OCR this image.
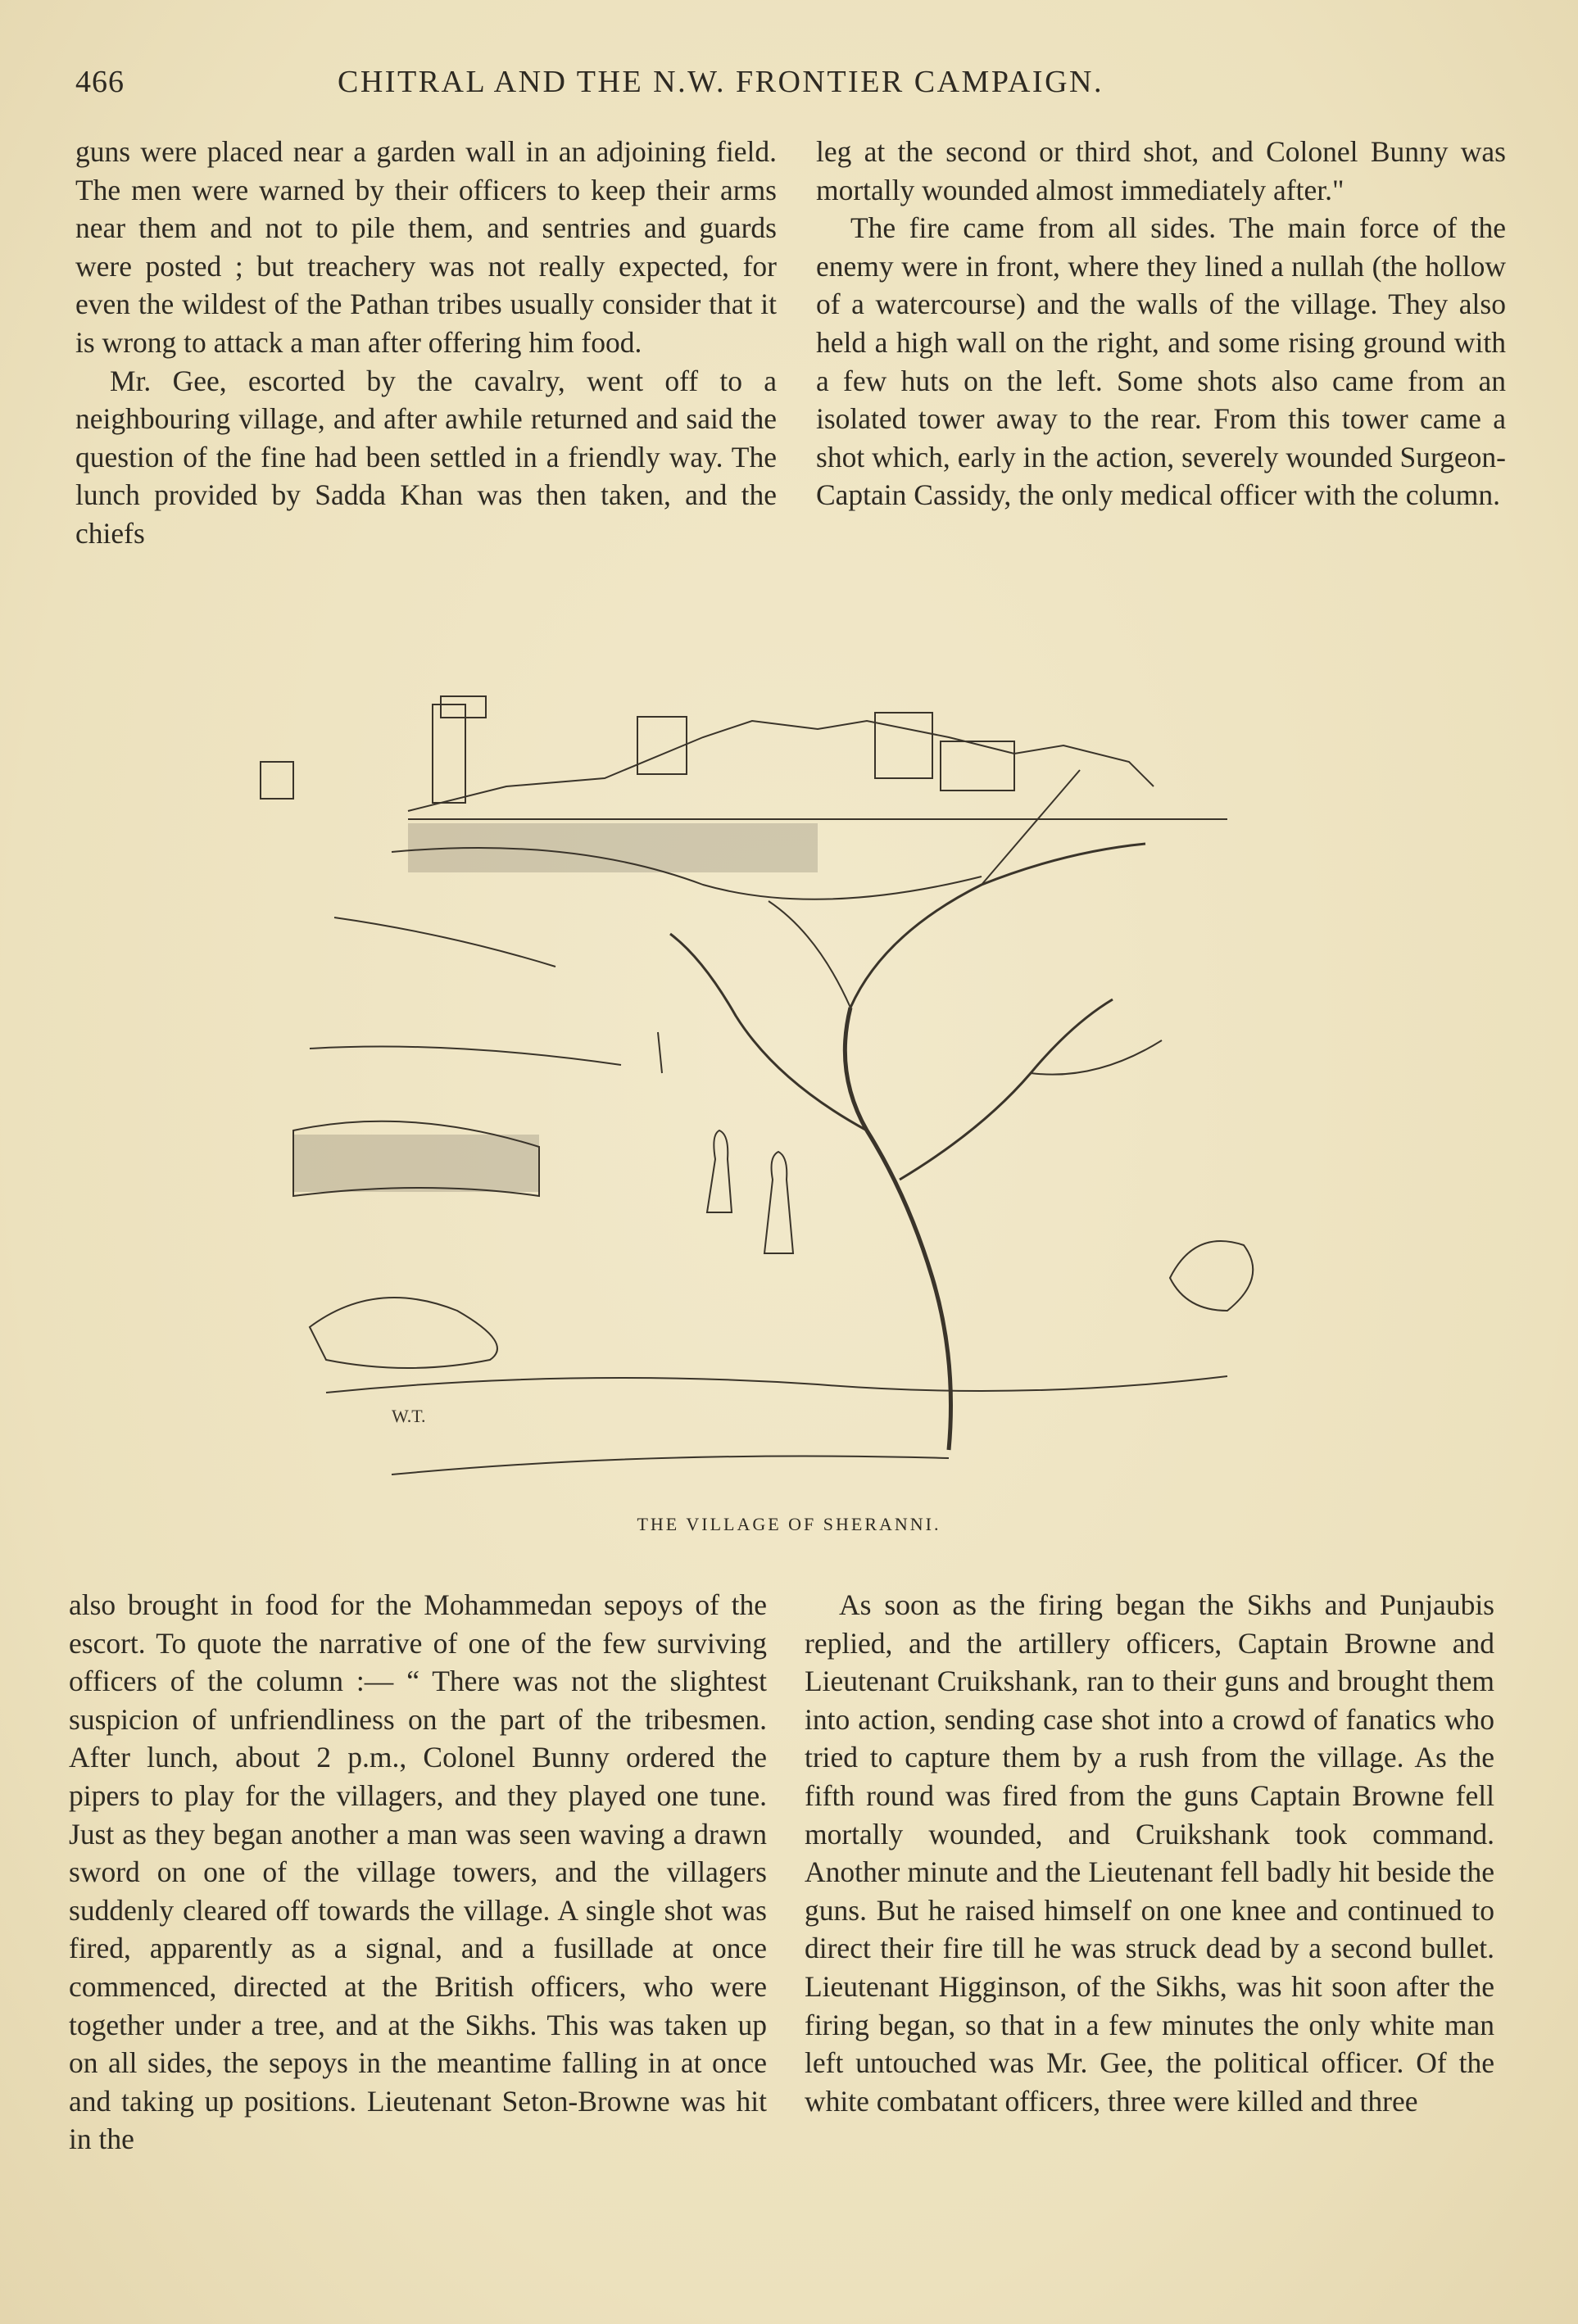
466	CHITRAL AND THE N.W. FRONTIER CAMPAIGN.

guns were placed near a garden wall in an adjoining field. The men were warned by their officers to keep their arms near them and not to pile them, and sentries and guards were posted ; but treachery was not really expected, for even the wildest of the Pathan tribes usually consider that it is wrong to attack a man after offering him food.

Mr. Gee, escorted by the cavalry, went off to a neighbouring village, and after awhile returned and said the question of the fine had been settled in a friendly way. The lunch provided by Sadda Khan was then taken, and the chiefs

leg at the second or third shot, and Colonel Bunny was mortally wounded almost immediately after."

The fire came from all sides. The main force of the enemy were in front, where they lined a nullah (the hollow of a watercourse) and the walls of the village. They also held a high wall on the right, and some rising ground with a few huts on the left. Some shots also came from an isolated tower away to the rear. From this tower came a shot which, early in the action, severely wounded Surgeon-Captain Cassidy, the only medical officer with the column.

W.T.
THE VILLAGE OF SHERANNI.

also brought in food for the Mohammedan sepoys of the escort. To quote the narrative of one of the few surviving officers of the column :— “ There was not the slightest suspicion of unfriendliness on the part of the tribesmen. After lunch, about 2 p.m., Colonel Bunny ordered the pipers to play for the villagers, and they played one tune. Just as they began another a man was seen waving a drawn sword on one of the village towers, and the villagers suddenly cleared off towards the village. A single shot was fired, apparently as a signal, and a fusillade at once commenced, directed at the British officers, who were together under a tree, and at the Sikhs. This was taken up on all sides, the sepoys in the meantime falling in at once and taking up positions. Lieutenant Seton-Browne was hit in the

As soon as the firing began the Sikhs and Punjaubis replied, and the artillery officers, Captain Browne and Lieutenant Cruikshank, ran to their guns and brought them into action, sending case shot into a crowd of fanatics who tried to capture them by a rush from the village. As the fifth round was fired from the guns Captain Browne fell mortally wounded, and Cruikshank took command. Another minute and the Lieutenant fell badly hit beside the guns. But he raised himself on one knee and continued to direct their fire till he was struck dead by a second bullet. Lieutenant Higginson, of the Sikhs, was hit soon after the firing began, so that in a few minutes the only white man left untouched was Mr. Gee, the political officer. Of the white combatant officers, three were killed and three
